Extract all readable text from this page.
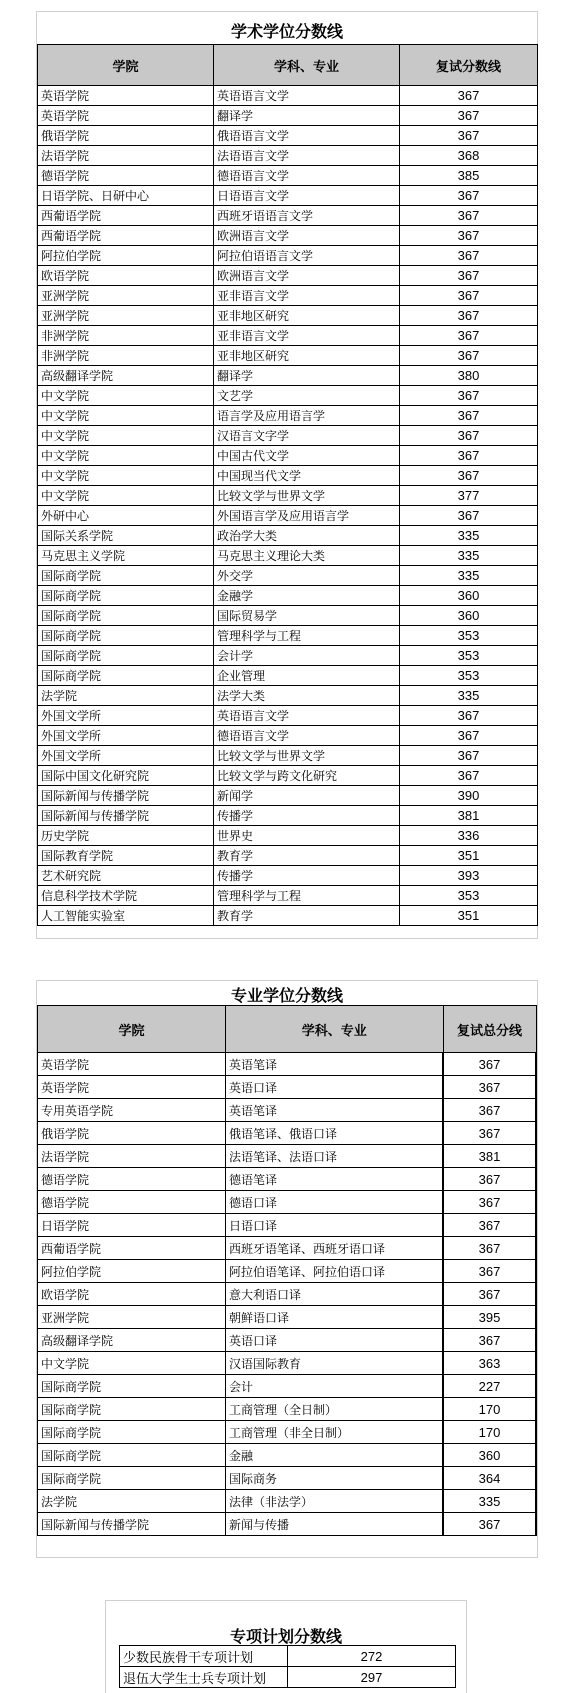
学术学位分数线
学院	学科、专业	复试分数线
英语学院	英语语言文学	367
英语学院	翻译学	367
俄语学院	俄语语言文学	367
法语学院	法语语言文学	368
德语学院	德语语言文学	385
日语学院、日研中心	日语语言文学	367
西葡语学院	西班牙语语言文学	367
西葡语学院	欧洲语言文学	367
阿拉伯学院	阿拉伯语语言文学	367
欧语学院	欧洲语言文学	367
亚洲学院	亚非语言文学	367
亚洲学院	亚非地区研究	367
非洲学院	亚非语言文学	367
非洲学院	亚非地区研究	367
高级翻译学院	翻译学	380
中文学院	文艺学	367
中文学院	语言学及应用语言学	367
中文学院	汉语言文字学	367
中文学院	中国古代文学	367
中文学院	中国现当代文学	367
中文学院	比较文学与世界文学	377
外研中心	外国语言学及应用语言学	367
国际关系学院	政治学大类	335
马克思主义学院	马克思主义理论大类	335
国际商学院	外交学	335
国际商学院	金融学	360
国际商学院	国际贸易学	360
国际商学院	管理科学与工程	353
国际商学院	会计学	353
国际商学院	企业管理	353
法学院	法学大类	335
外国文学所	英语语言文学	367
外国文学所	德语语言文学	367
外国文学所	比较文学与世界文学	367
国际中国文化研究院	比较文学与跨文化研究	367
国际新闻与传播学院	新闻学	390
国际新闻与传播学院	传播学	381
历史学院	世界史	336
国际教育学院	教育学	351
艺术研究院	传播学	393
信息科学技术学院	管理科学与工程	353
人工智能实验室	教育学	351
专业学位分数线
学院	学科、专业	复试总分线
英语学院	英语笔译	367
英语学院	英语口译	367
专用英语学院	英语笔译	367
俄语学院	俄语笔译、俄语口译	367
法语学院	法语笔译、法语口译	381
德语学院	德语笔译	367
德语学院	德语口译	367
日语学院	日语口译	367
西葡语学院	西班牙语笔译、西班牙语口译	367
阿拉伯学院	阿拉伯语笔译、阿拉伯语口译	367
欧语学院	意大利语口译	367
亚洲学院	朝鲜语口译	395
高级翻译学院	英语口译	367
中文学院	汉语国际教育	363
国际商学院	会计	227
国际商学院	工商管理（全日制）	170
国际商学院	工商管理（非全日制）	170
国际商学院	金融	360
国际商学院	国际商务	364
法学院	法律（非法学）	335
国际新闻与传播学院	新闻与传播	367
专项计划分数线
少数民族骨干专项计划	272
退伍大学生士兵专项计划	297
